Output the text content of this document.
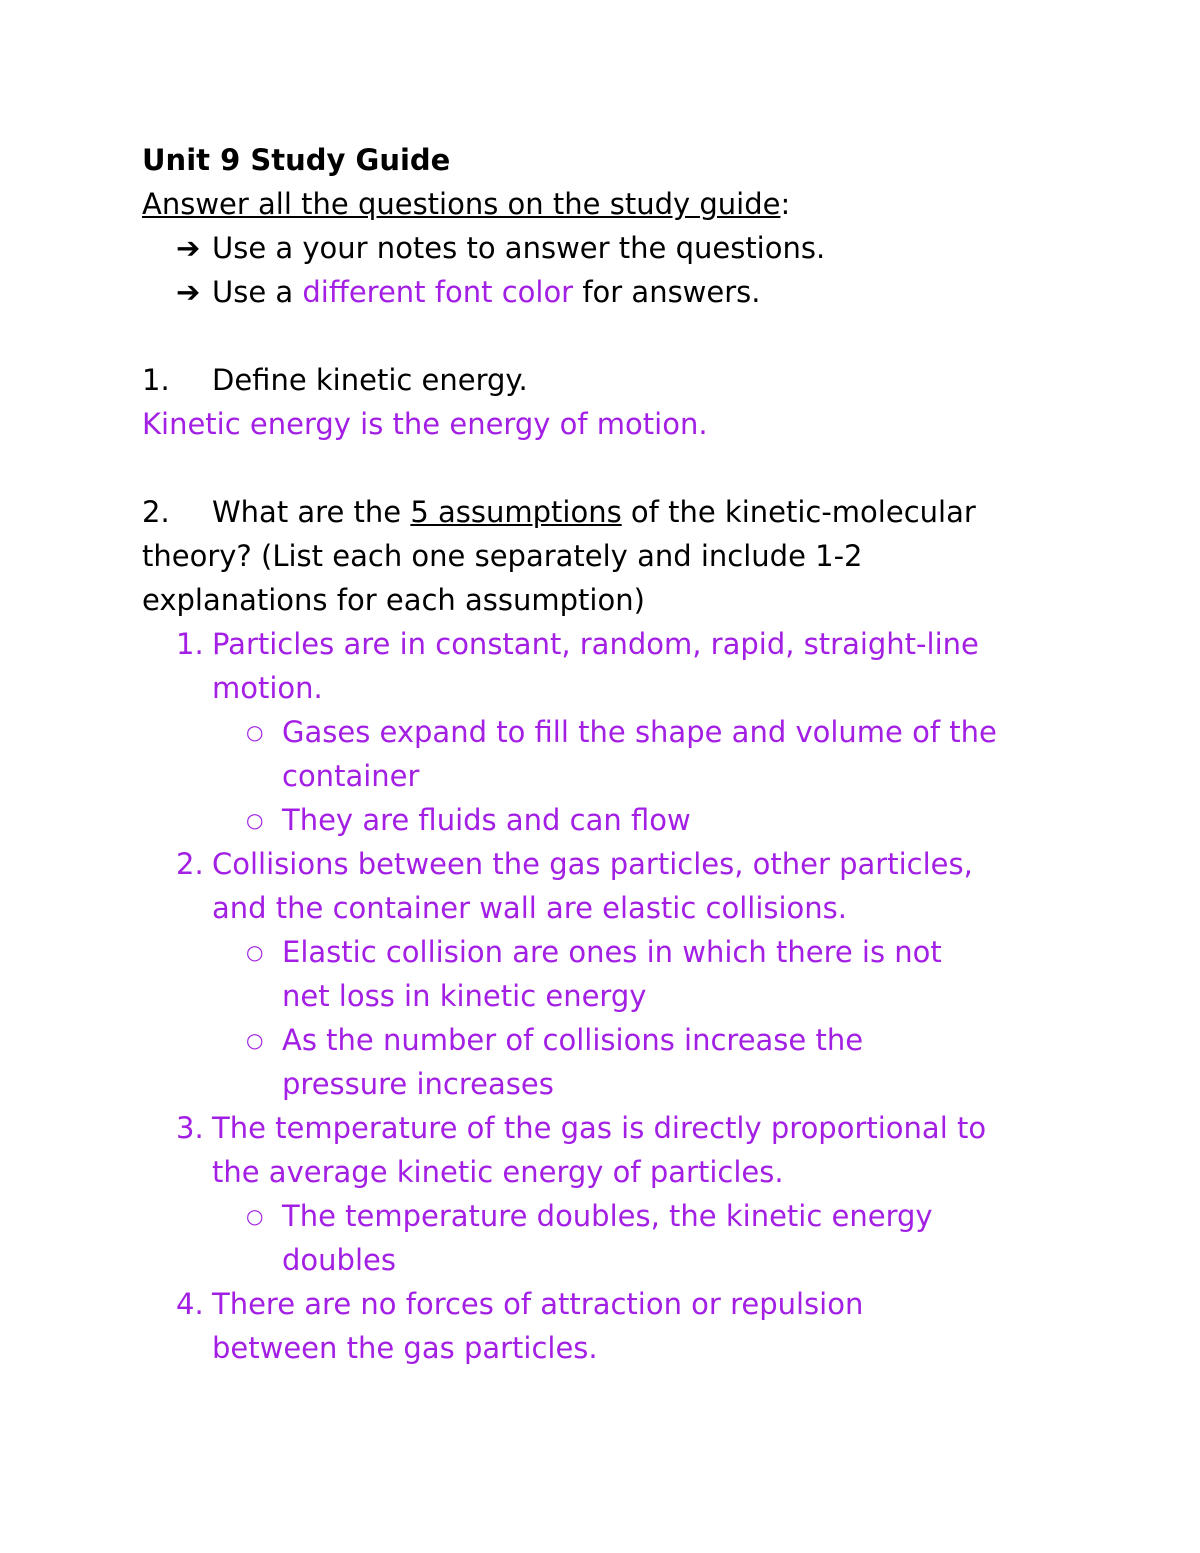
Unit 9 Study Guide

Answer all the questions on the study guide:

➔ Use a your notes to answer the questions.

➔ Use a different font color for answers.

1. Define kinetic energy.

Kinetic energy is the energy of motion.

2. What are the 5 assumptions of the kinetic-molecular

theory? (List each one separately and include 1-2

explanations for each assumption)

1. Particles are in constant, random, rapid, straight-line

motion.

○ Gases expand to fill the shape and volume of the

container

○ They are fluids and can flow

2. Collisions between the gas particles, other particles,

and the container wall are elastic collisions.

○ Elastic collision are ones in which there is not

net loss in kinetic energy

○ As the number of collisions increase the

pressure increases

3. The temperature of the gas is directly proportional to

the average kinetic energy of particles.

○ The temperature doubles, the kinetic energy

doubles

4. There are no forces of attraction or repulsion

between the gas particles.
